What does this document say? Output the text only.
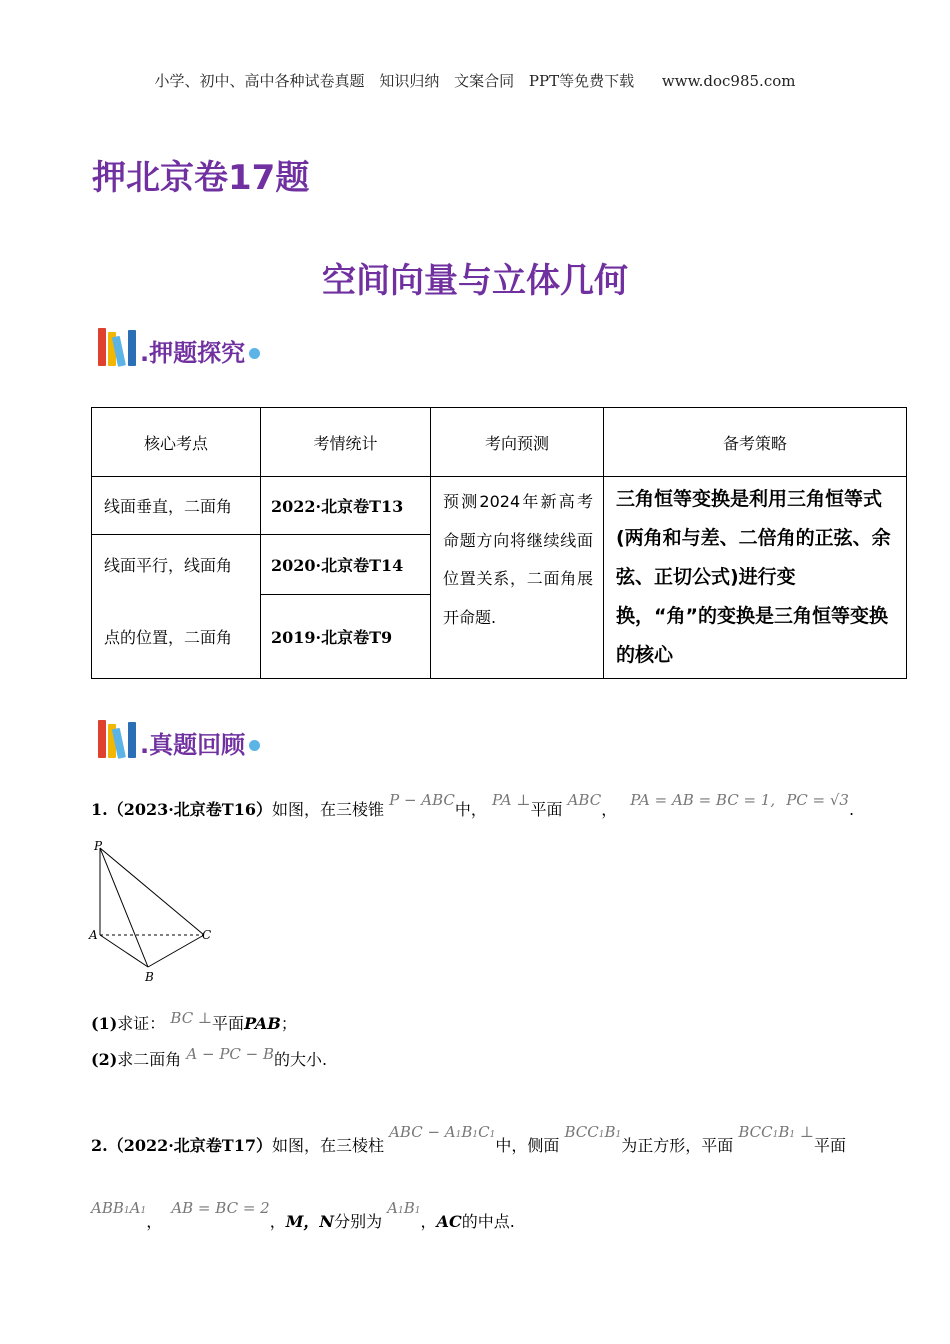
小学、初中、高中各种试卷真题 知识归纳 文案合同 PPT等免费下载 www.doc985.com
押北京卷17题
空间向量与立体几何
.押题探究
核心考点	考情统计	考向预测	备考策略
线面垂直，二面角	2022·北京卷T13	预测2024年新高考命题方向将继续线面位置关系，二面角展开命题.	三角恒等变换是利用三角恒等式(两角和与差、二倍角的正弦、余弦、正切公式)进行变换，“角”的变换是三角恒等变换的核心
线面平行，线面角	2020·北京卷T14		
点的位置，二面角	2019·北京卷T9		
.真题回顾
1.（2023·北京卷T16）如图，在三棱锥 P − ABC中， PA ⊥平面 ABC， PA = AB = BC = 1, PC = √3.
P
A
B
C
(1)求证： BC ⊥平面PAB；
(2)求二面角 A − PC − B的大小.
2.（2022·北京卷T17）如图，在三棱柱 ABC − A1B1C1中，侧面 BCC1B1为正方形，平面 BCC1B1 ⊥平面
ABB1A1， AB = BC = 2，M，N分别为 A1B1，AC的中点.
